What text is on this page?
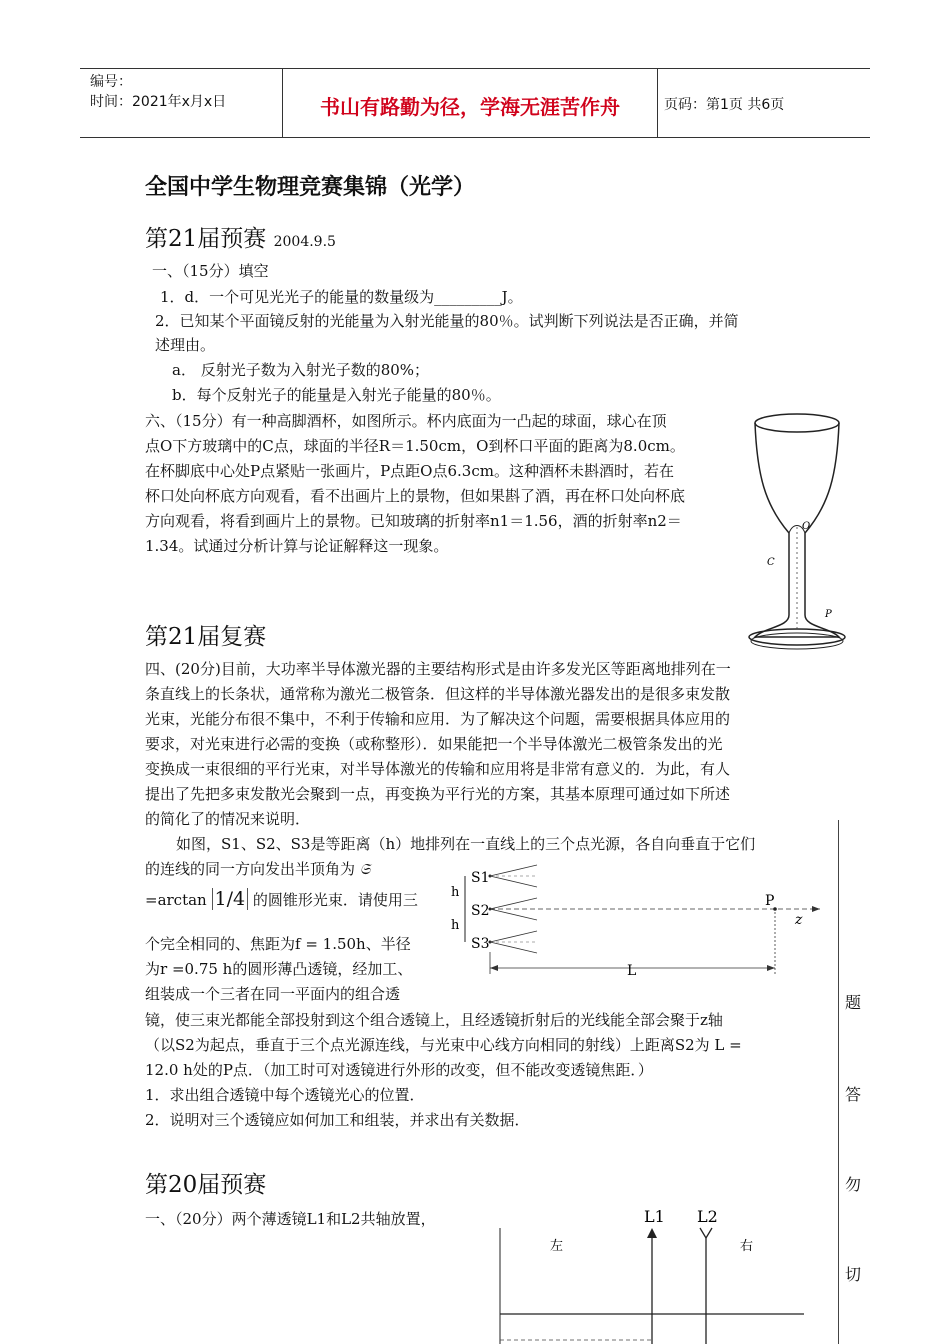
编号：
时间：2021年x月x日	书山有路勤为径，学海无涯苦作舟	页码：第1页 共6页
全国中学生物理竞赛集锦（光学）
第21届预赛 2004.9.5
一、（15分）填空
1．d．一个可见光光子的能量的数量级为_________J。
2．已知某个平面镜反射的光能量为入射光能量的80％。试判断下列说法是否正确，并简
述理由。
a． 反射光子数为入射光子数的80%；
b．每个反射光子的能量是入射光子能量的80％。
六、（15分）有一种高脚酒杯，如图所示。杯内底面为一凸起的球面，球心在顶
点O下方玻璃中的C点，球面的半径R＝1.50cm，O到杯口平面的距离为8.0cm。
在杯脚底中心处P点紧贴一张画片，P点距O点6.3cm。这种酒杯未斟酒时，若在
杯口处向杯底方向观看，看不出画片上的景物，但如果斟了酒，再在杯口处向杯底
方向观看，将看到画片上的景物。已知玻璃的折射率n1＝1.56，酒的折射率n2＝
1.34。试通过分析计算与论证解释这一现象。
O
C
P
第21届复赛
四、(20分)目前，大功率半导体激光器的主要结构形式是由许多发光区等距离地排列在一
条直线上的长条状，通常称为激光二极管条．但这样的半导体激光器发出的是很多束发散
光束，光能分布很不集中，不利于传输和应用．为了解决这个问题，需要根据具体应用的
要求，对光束进行必需的变换（或称整形）．如果能把一个半导体激光二极管条发出的光
变换成一束很细的平行光束，对半导体激光的传输和应用将是非常有意义的．为此，有人
提出了先把多束发散光会聚到一点，再变换为平行光的方案，其基本原理可通过如下所述
的简化了的情况来说明．
如图，S1、S2、S3是等距离（h）地排列在一直线上的三个点光源，各自向垂直于它们
的连线的同一方向发出半顶角为 𝔖
=arctan 1/4 的圆锥形光束．请使用三
个完全相同的、焦距为f = 1.50h、半径
为r =0.75 h的圆形薄凸透镜，经加工、
组装成一个三者在同一平面内的组合透
镜，使三束光都能全部投射到这个组合透镜上，且经透镜折射后的光线能全部会聚于z轴
（以S2为起点，垂直于三个点光源连线，与光束中心线方向相同的射线）上距离S2为 L =
12.0 h处的P点．（加工时可对透镜进行外形的改变，但不能改变透镜焦距．）
1．求出组合透镜中每个透镜光心的位置．
2．说明对三个透镜应如何加工和组装，并求出有关数据．
S1
S2
S3
h
h
P
z
L
第20届预赛
一、（20分）两个薄透镜L1和L2共轴放置，	L1 L2
左	右
题
答
勿
切
